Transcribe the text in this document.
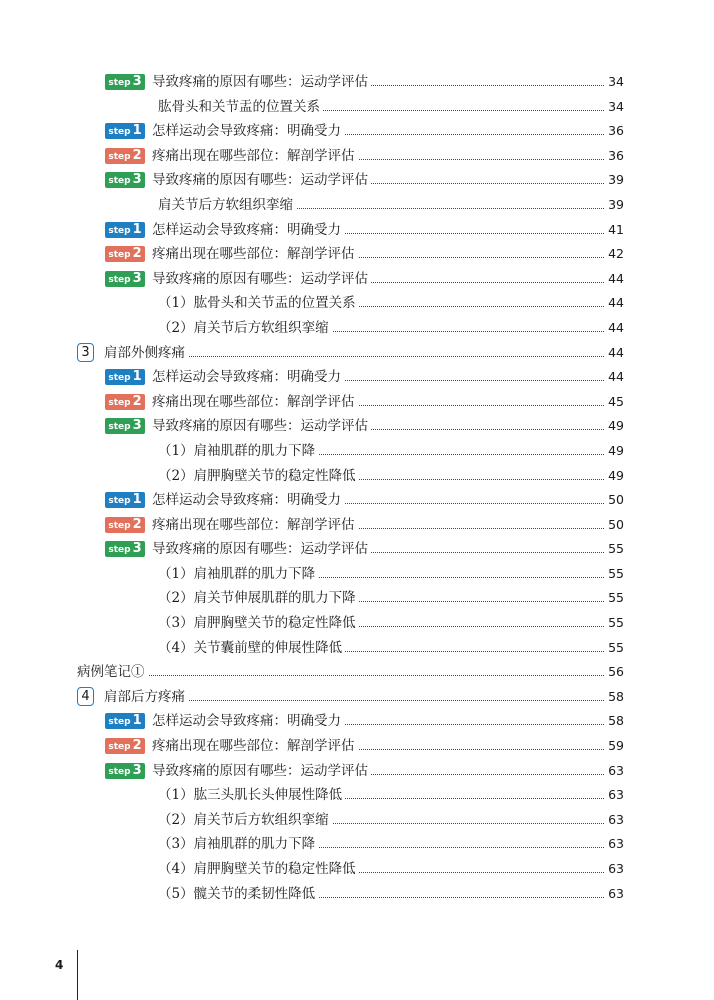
step 3 导致疼痛的原因有哪些：运动学评估	34
肱骨头和关节盂的位置关系	34
step 1 怎样运动会导致疼痛：明确受力	36
step 2 疼痛出现在哪些部位：解剖学评估	36
step 3 导致疼痛的原因有哪些：运动学评估	39
肩关节后方软组织挛缩	39
step 1 怎样运动会导致疼痛：明确受力	41
step 2 疼痛出现在哪些部位：解剖学评估	42
step 3 导致疼痛的原因有哪些：运动学评估	44
（1）肱骨头和关节盂的位置关系	44
（2）肩关节后方软组织挛缩	44
3	肩部外侧疼痛	44
step 1 怎样运动会导致疼痛：明确受力	44
step 2 疼痛出现在哪些部位：解剖学评估	45
step 3 导致疼痛的原因有哪些：运动学评估	49
（1）肩袖肌群的肌力下降	49
（2）肩胛胸壁关节的稳定性降低	49
step 1 怎样运动会导致疼痛：明确受力	50
step 2 疼痛出现在哪些部位：解剖学评估	50
step 3 导致疼痛的原因有哪些：运动学评估	55
（1）肩袖肌群的肌力下降	55
（2）肩关节伸展肌群的肌力下降	55
（3）肩胛胸壁关节的稳定性降低	55
（4）关节囊前壁的伸展性降低	55
病例笔记①	56
4	肩部后方疼痛	58
step 1 怎样运动会导致疼痛：明确受力	58
step 2 疼痛出现在哪些部位：解剖学评估	59
step 3 导致疼痛的原因有哪些：运动学评估	63
（1）肱三头肌长头伸展性降低	63
（2）肩关节后方软组织挛缩	63
（3）肩袖肌群的肌力下降	63
（4）肩胛胸壁关节的稳定性降低	63
（5）髋关节的柔韧性降低	63
4
